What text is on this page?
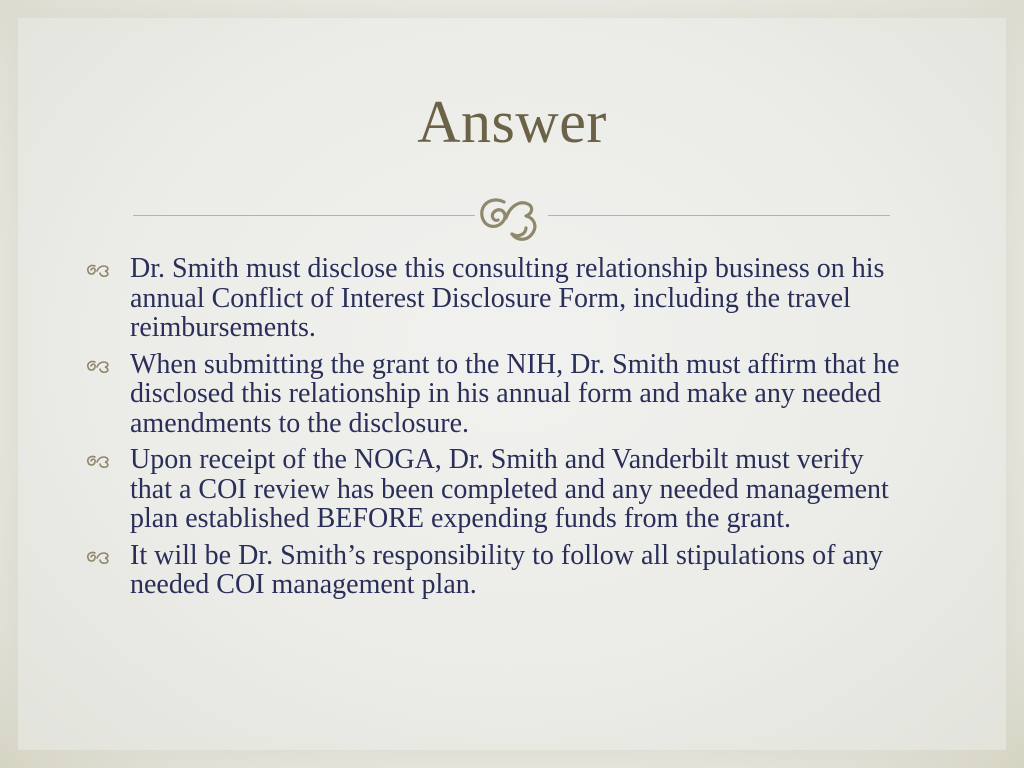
Answer
Dr. Smith must disclose this consulting relationship business on his annual Conflict of Interest Disclosure Form, including the travel reimbursements.
When submitting the grant to the NIH, Dr. Smith must affirm that he disclosed this relationship in his annual form and make any needed amendments to the disclosure.
Upon receipt of the NOGA, Dr. Smith and Vanderbilt must verify that a COI review has been completed and any needed management plan established BEFORE expending funds from the grant.
It will be Dr. Smith’s responsibility to follow all stipulations of any needed COI management plan.
